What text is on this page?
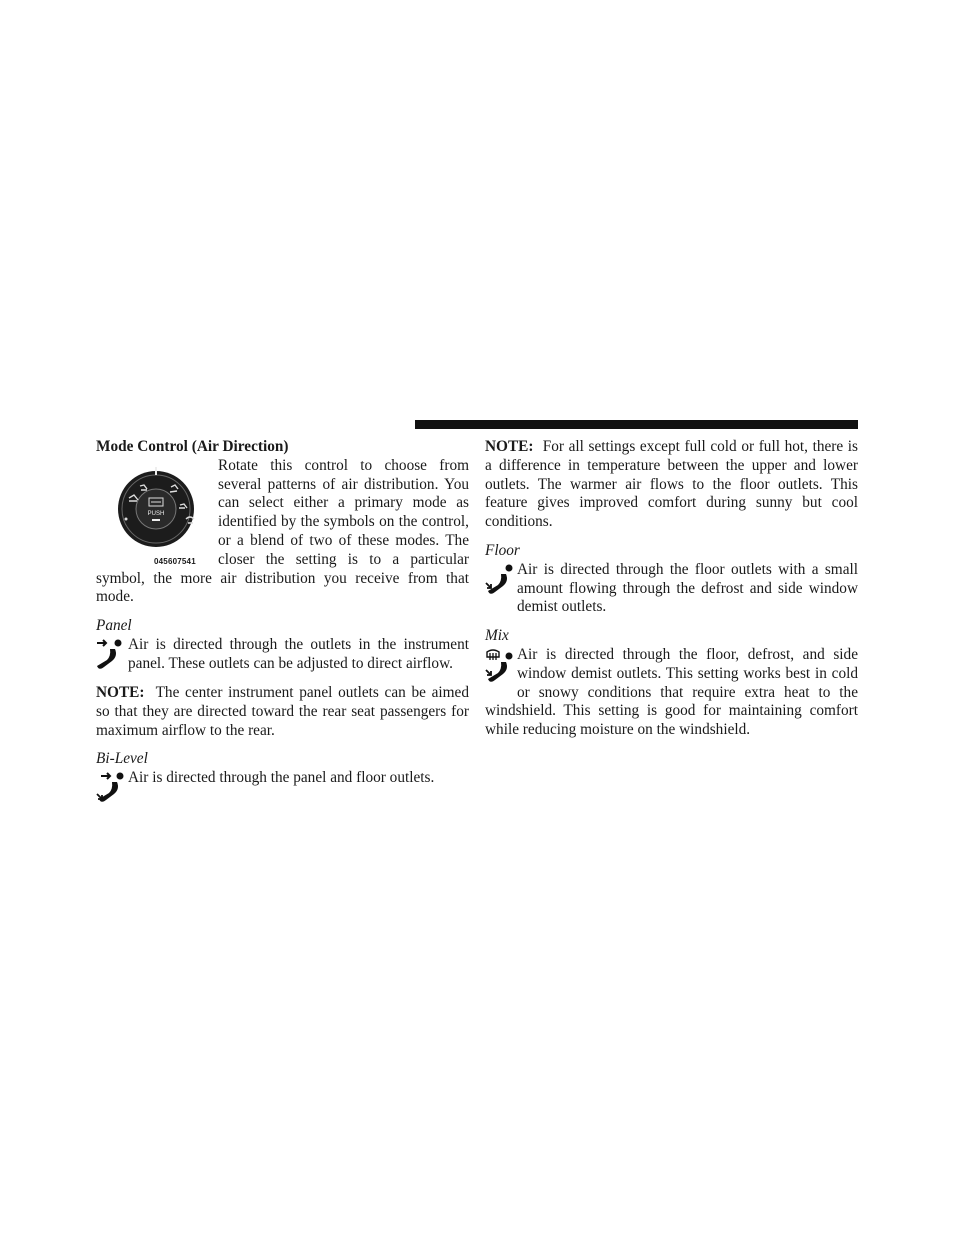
Mode Control (Air Direction)

PUSH
045607541

Rotate this control to choose from several patterns of air distribution. You can select either a primary mode as identified by the symbols on the control, or a blend of two of these modes. The closer the setting is to a particular symbol, the more air distribution you receive from that mode.

Panel

Air is directed through the outlets in the instrument panel. These outlets can be adjusted to direct airflow.

NOTE: The center instrument panel outlets can be aimed so that they are directed toward the rear seat passengers for maximum airflow to the rear.

Bi-Level

Air is directed through the panel and floor outlets.

NOTE: For all settings except full cold or full hot, there is a difference in temperature between the upper and lower outlets. The warmer air flows to the floor outlets. This feature gives improved comfort during sunny but cool conditions.

Floor

Air is directed through the floor outlets with a small amount flowing through the defrost and side window demist outlets.

Mix

Air is directed through the floor, defrost, and side window demist outlets. This setting works best in cold or snowy conditions that require extra heat to the windshield. This setting is good for maintaining comfort while reducing moisture on the windshield.
